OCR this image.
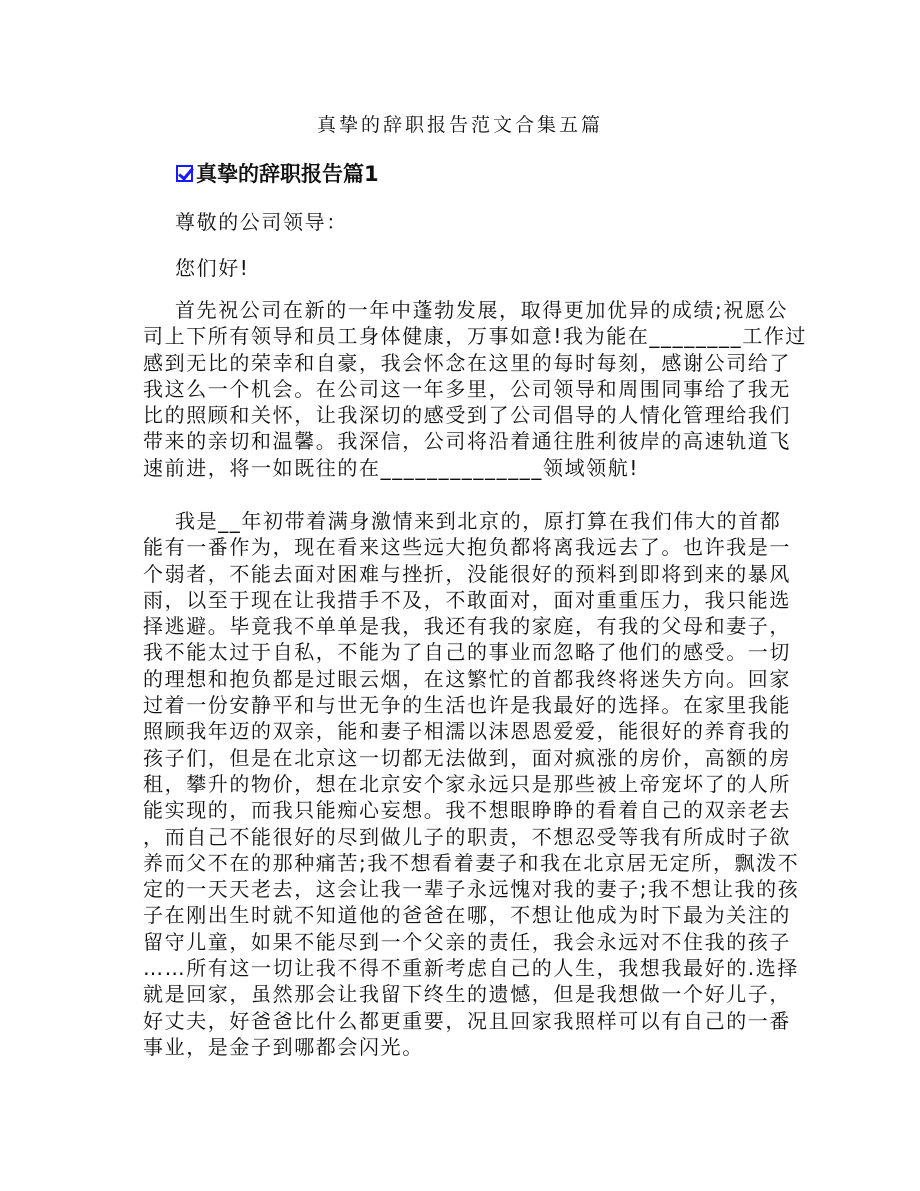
真挚的辞职报告范文合集五篇
真挚的辞职报告篇1
尊敬的公司领导：
您们好!
首先祝公司在新的一年中蓬勃发展，取得更加优异的成绩;祝愿公
司上下所有领导和员工身体健康，万事如意!我为能在________工作过
感到无比的荣幸和自豪，我会怀念在这里的每时每刻，感谢公司给了
我这么一个机会。在公司这一年多里，公司领导和周围同事给了我无
比的照顾和关怀，让我深切的感受到了公司倡导的人情化管理给我们
带来的亲切和温馨。我深信，公司将沿着通往胜利彼岸的高速轨道飞
速前进，将一如既往的在______________领域领航!
我是__年初带着满身激情来到北京的，原打算在我们伟大的首都
能有一番作为，现在看来这些远大抱负都将离我远去了。也许我是一
个弱者，不能去面对困难与挫折，没能很好的预料到即将到来的暴风
雨，以至于现在让我措手不及，不敢面对，面对重重压力，我只能选
择逃避。毕竟我不单单是我，我还有我的家庭，有我的父母和妻子，
我不能太过于自私，不能为了自己的事业而忽略了他们的感受。一切
的理想和抱负都是过眼云烟，在这繁忙的首都我终将迷失方向。回家
过着一份安静平和与世无争的生活也许是我最好的选择。在家里我能
照顾我年迈的双亲，能和妻子相濡以沫恩恩爱爱，能很好的养育我的
孩子们，但是在北京这一切都无法做到，面对疯涨的房价，高额的房
租，攀升的物价，想在北京安个家永远只是那些被上帝宠坏了的人所
能实现的，而我只能痴心妄想。我不想眼睁睁的看着自己的双亲老去
，而自己不能很好的尽到做儿子的职责，不想忍受等我有所成时子欲
养而父不在的那种痛苦;我不想看着妻子和我在北京居无定所，飘泼不
定的一天天老去，这会让我一辈子永远愧对我的妻子;我不想让我的孩
子在刚出生时就不知道他的爸爸在哪，不想让他成为时下最为关注的
留守儿童，如果不能尽到一个父亲的责任，我会永远对不住我的孩子
……所有这一切让我不得不重新考虑自己的人生，我想我最好的.选择
就是回家，虽然那会让我留下终生的遗憾，但是我想做一个好儿子，
好丈夫，好爸爸比什么都更重要，况且回家我照样可以有自己的一番
事业，是金子到哪都会闪光。
